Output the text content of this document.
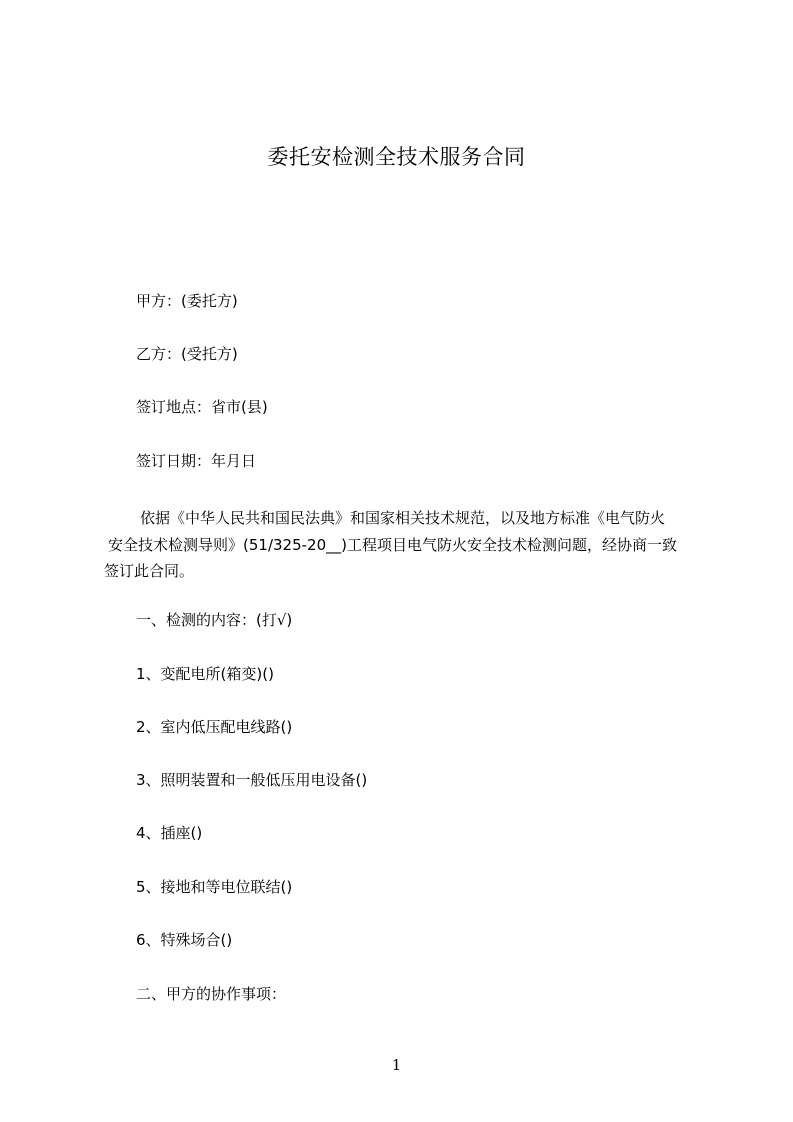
委托安检测全技术服务合同
甲方：(委托方)
乙方：(受托方)
签订地点：省市(县)
签订日期：年月日
依据《中华人民共和国民法典》和国家相关技术规范，以及地方标准《电气防火
安全技术检测导则》(51/325-20__)工程项目电气防火安全技术检测问题，经协商一致
签订此合同。
一、检测的内容：(打√)
1、变配电所(箱变)()
2、室内低压配电线路()
3、照明装置和一般低压用电设备()
4、插座()
5、接地和等电位联结()
6、特殊场合()
二、甲方的协作事项：
1
